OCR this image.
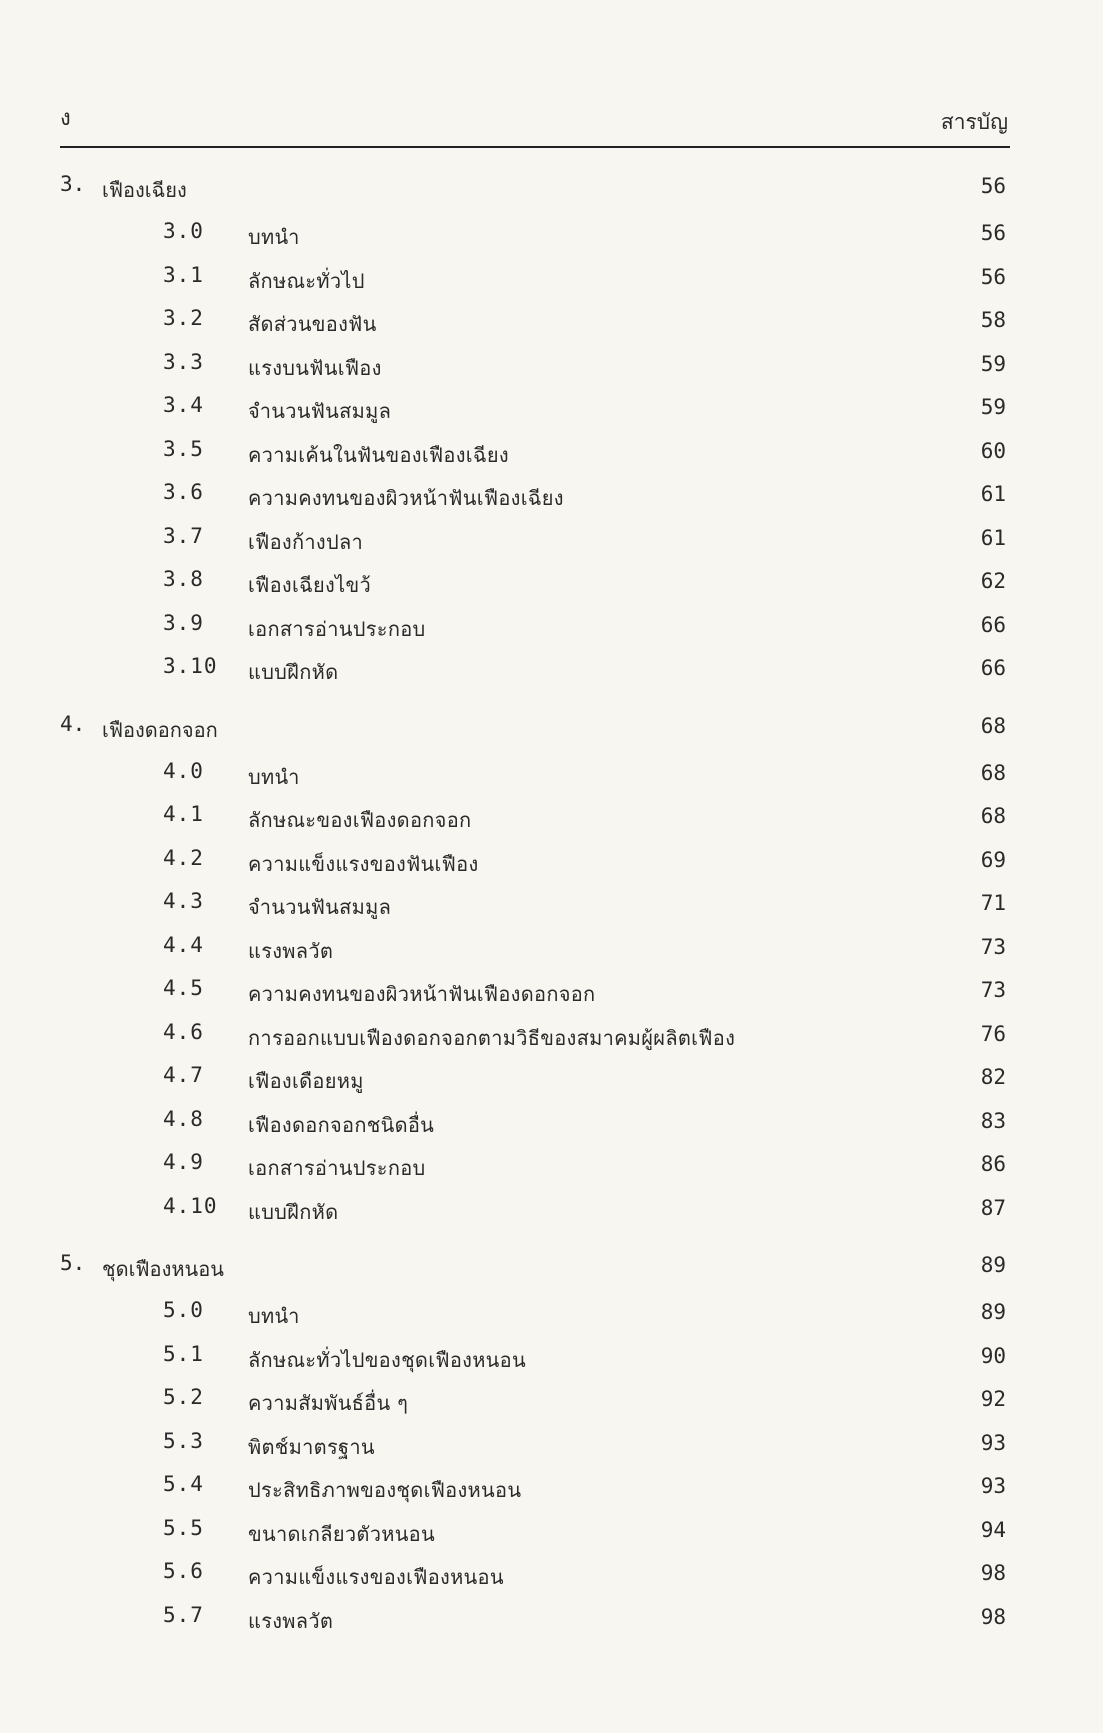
ง	สารบัญ
3. เฟืองเฉียง	56
3.0 บทนำ	56
3.1 ลักษณะทั่วไป	56
3.2 สัดส่วนของฟัน	58
3.3 แรงบนฟันเฟือง	59
3.4 จำนวนฟันสมมูล	59
3.5 ความเค้นในฟันของเฟืองเฉียง	60
3.6 ความคงทนของผิวหน้าฟันเฟืองเฉียง	61
3.7 เฟืองก้างปลา	61
3.8 เฟืองเฉียงไขว้	62
3.9 เอกสารอ่านประกอบ	66
3.10 แบบฝึกหัด	66
4. เฟืองดอกจอก	68
4.0 บทนำ	68
4.1 ลักษณะของเฟืองดอกจอก	68
4.2 ความแข็งแรงของฟันเฟือง	69
4.3 จำนวนฟันสมมูล	71
4.4 แรงพลวัต	73
4.5 ความคงทนของผิวหน้าฟันเฟืองดอกจอก	73
4.6 การออกแบบเฟืองดอกจอกตามวิธีของสมาคมผู้ผลิตเฟือง	76
4.7 เฟืองเดือยหมู	82
4.8 เฟืองดอกจอกชนิดอื่น	83
4.9 เอกสารอ่านประกอบ	86
4.10 แบบฝึกหัด	87
5. ชุดเฟืองหนอน	89
5.0 บทนำ	89
5.1 ลักษณะทั่วไปของชุดเฟืองหนอน	90
5.2 ความสัมพันธ์อื่น ๆ	92
5.3 พิตช์มาตรฐาน	93
5.4 ประสิทธิภาพของชุดเฟืองหนอน	93
5.5 ขนาดเกลียวตัวหนอน	94
5.6 ความแข็งแรงของเฟืองหนอน	98
5.7 แรงพลวัต	98
